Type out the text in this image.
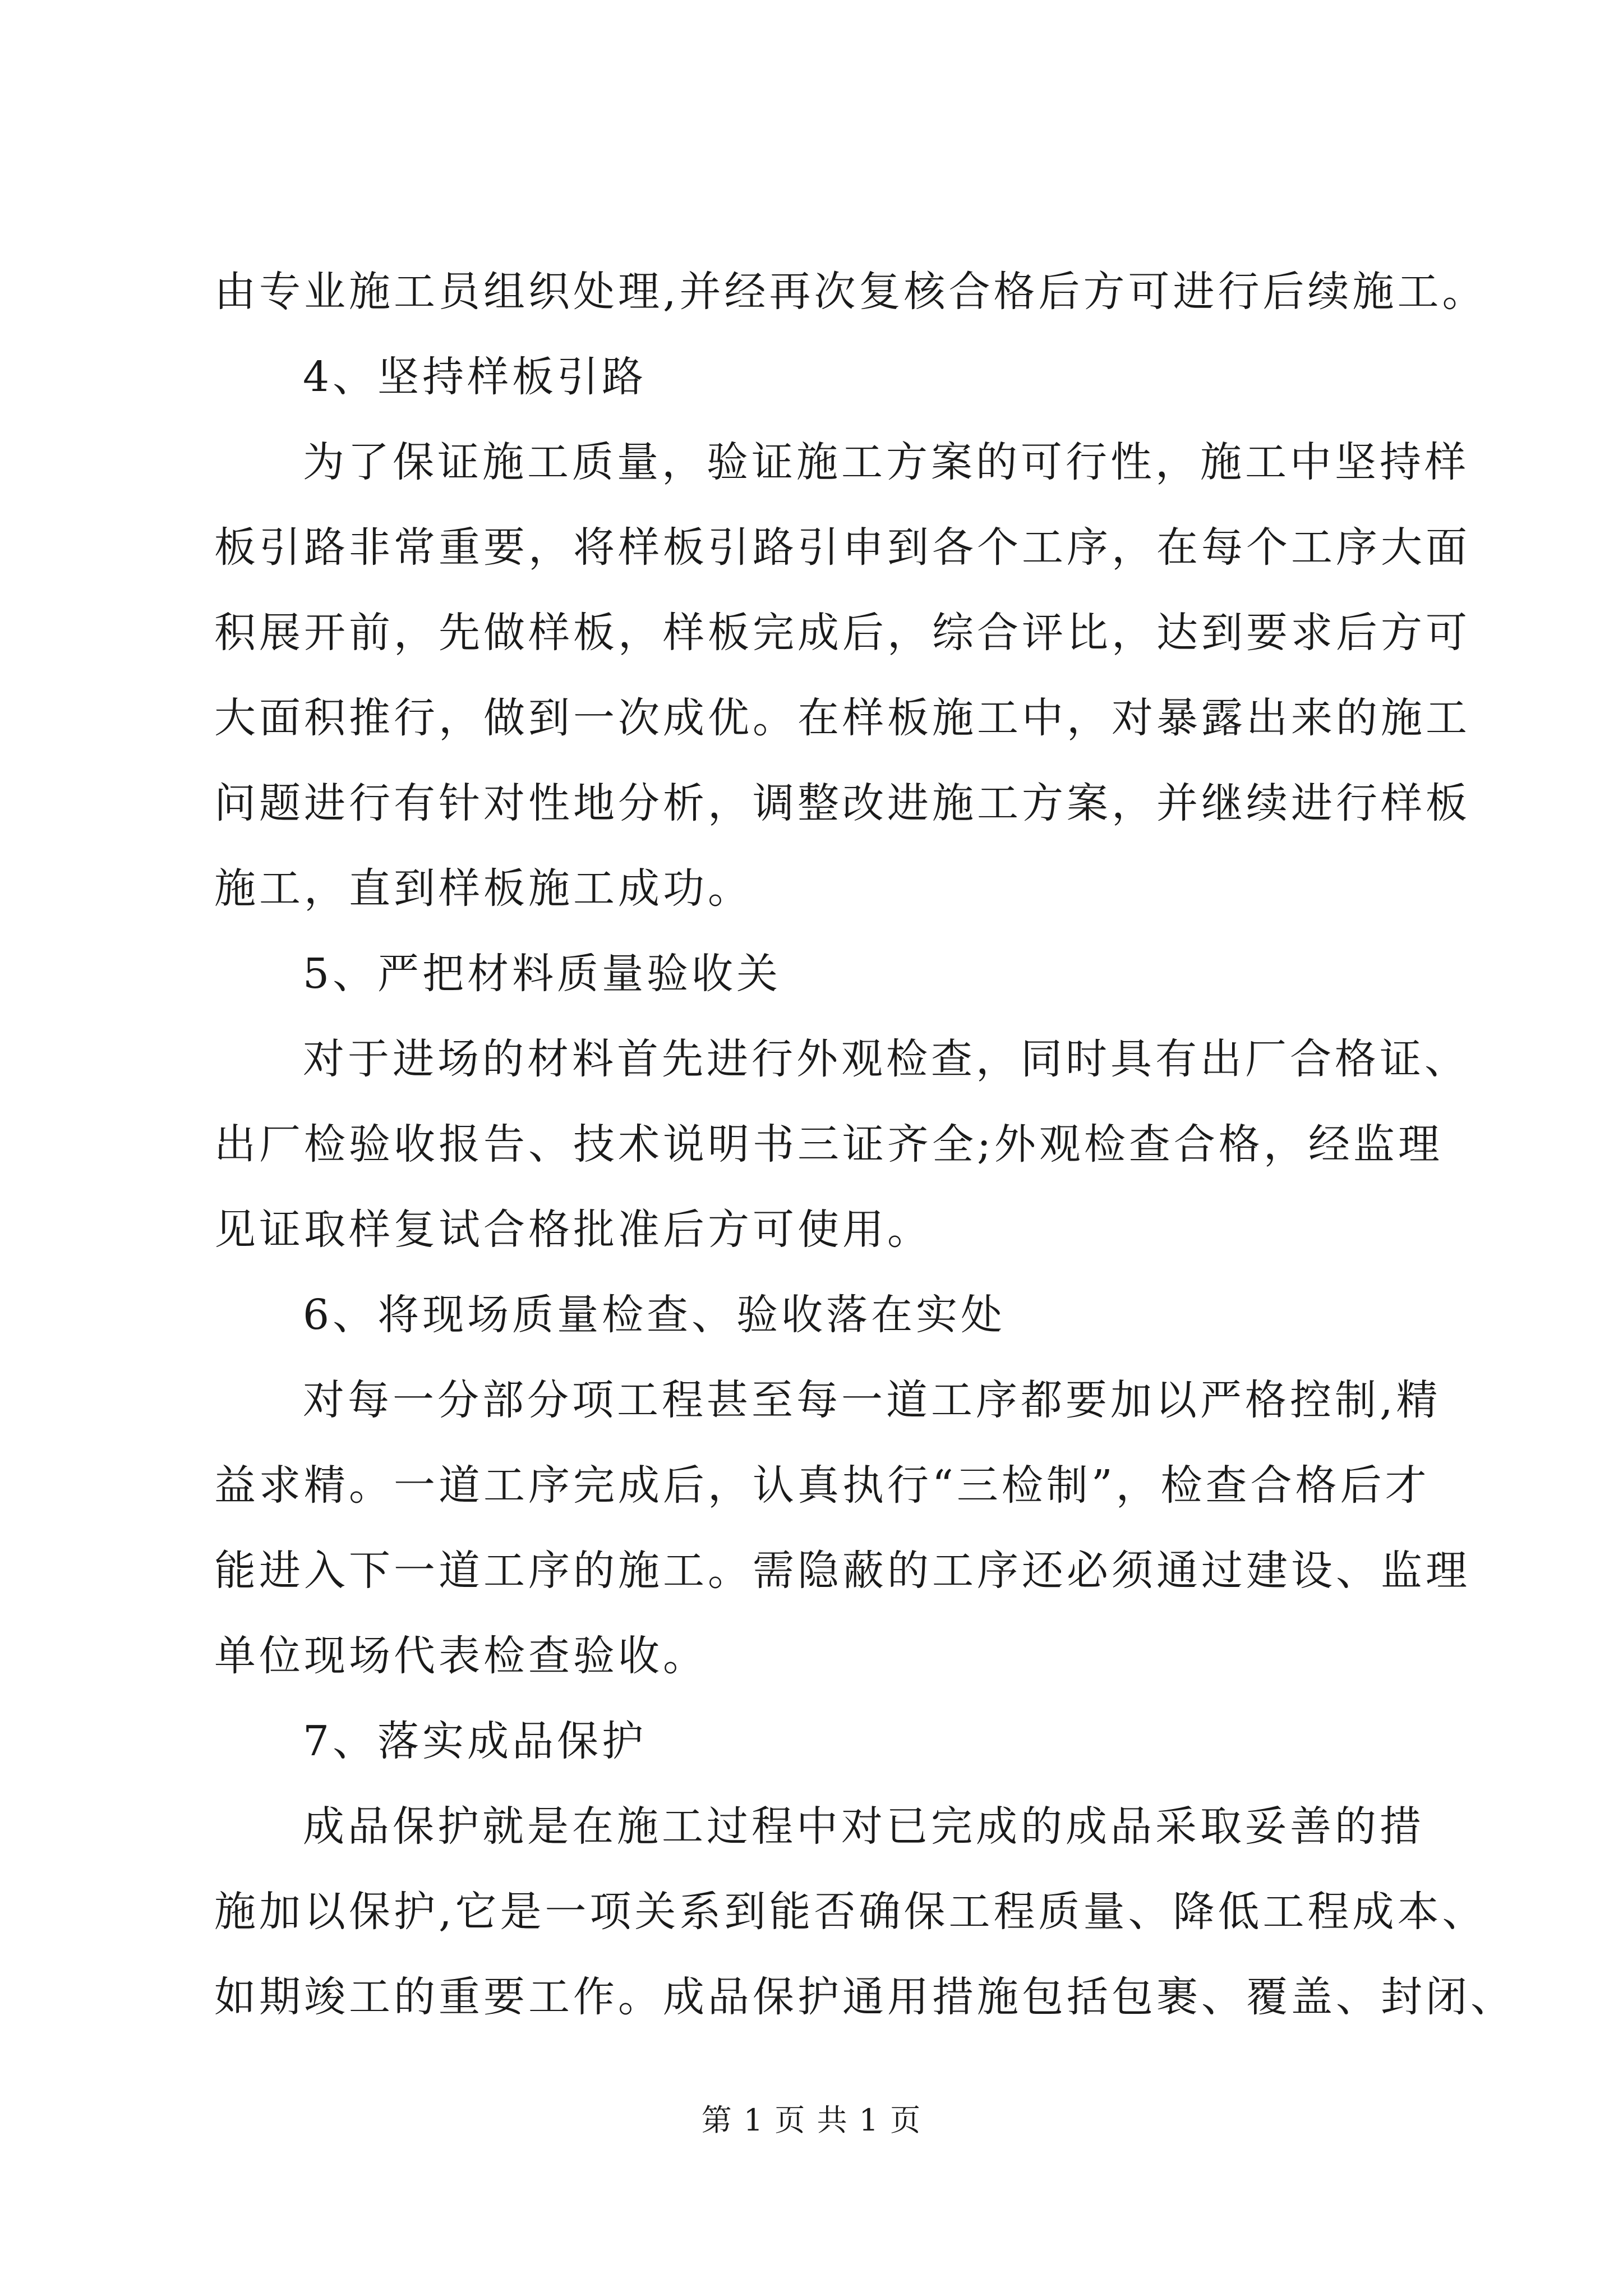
由专业施工员组织处理,并经再次复核合格后方可进行后续施工。
4、坚持样板引路
为了保证施工质量，验证施工方案的可行性，施工中坚持样
板引路非常重要，将样板引路引申到各个工序，在每个工序大面
积展开前，先做样板，样板完成后，综合评比，达到要求后方可
大面积推行，做到一次成优。在样板施工中，对暴露出来的施工
问题进行有针对性地分析，调整改进施工方案，并继续进行样板
施工，直到样板施工成功。
5、严把材料质量验收关
对于进场的材料首先进行外观检查，同时具有出厂合格证、
出厂检验收报告、技术说明书三证齐全;外观检查合格，经监理
见证取样复试合格批准后方可使用。
6、将现场质量检查、验收落在实处
对每一分部分项工程甚至每一道工序都要加以严格控制,精
益求精。一道工序完成后，认真执行“三检制”，检查合格后才
能进入下一道工序的施工。需隐蔽的工序还必须通过建设、监理
单位现场代表检查验收。
7、落实成品保护
成品保护就是在施工过程中对已完成的成品采取妥善的措
施加以保护,它是一项关系到能否确保工程质量、降低工程成本、
如期竣工的重要工作。成品保护通用措施包括包裹、覆盖、封闭、
第 1 页 共 1 页
